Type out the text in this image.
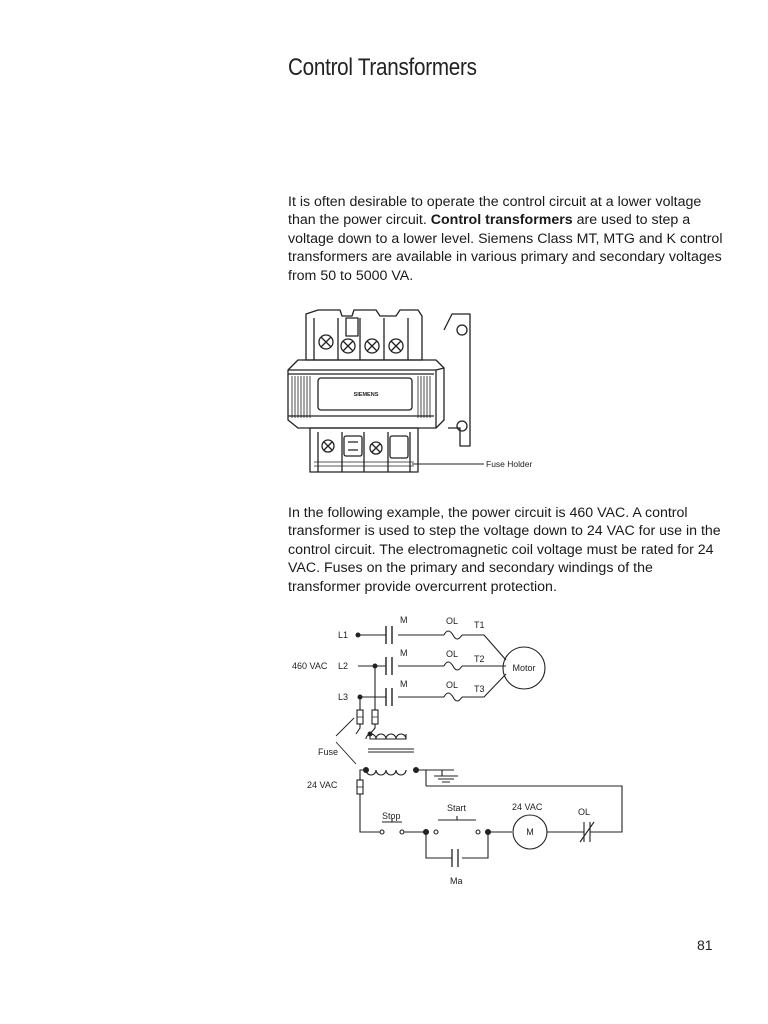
Control Transformers

It is often desirable to operate the control circuit at a lower voltage than the power circuit. Control transformers are used to step a voltage down to a lower level. Siemens Class MT, MTG and K control transformers are available in various primary and secondary voltages from 50 to 5000 VA.

SIEMENS
Fuse Holder

In the following example, the power circuit is 460 VAC. A control transformer is used to step the voltage down to 24 VAC for use in the control circuit. The electromagnetic coil voltage must be rated for 24 VAC. Fuses on the primary and secondary windings of the transformer provide overcurrent protection.

L1
460 VAC L2
L3
M
M
M
OL
OL
OL
T1
T2
T3
Motor
Fuse
24 VAC
Stop
Start	24 VAC
M
OL
Ma
81
